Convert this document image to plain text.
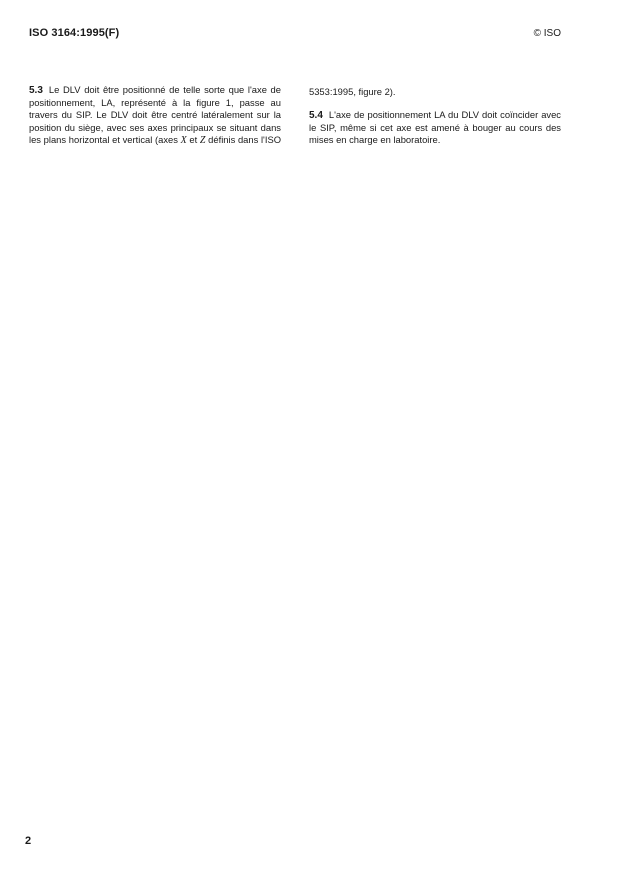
ISO 3164:1995(F)	© ISO

5.3 Le DLV doit être positionné de telle sorte que l'axe de positionnement, LA, représenté à la figure 1, passe au travers du SIP. Le DLV doit être centré latéralement sur la position du siège, avec ses axes principaux se situant dans les plans horizontal et vertical (axes X et Z définis dans l'ISO

5353:1995, figure 2).

5.4 L'axe de positionnement LA du DLV doit coïncider avec le SIP, même si cet axe est amené à bouger au cours des mises en charge en laboratoire.

2
